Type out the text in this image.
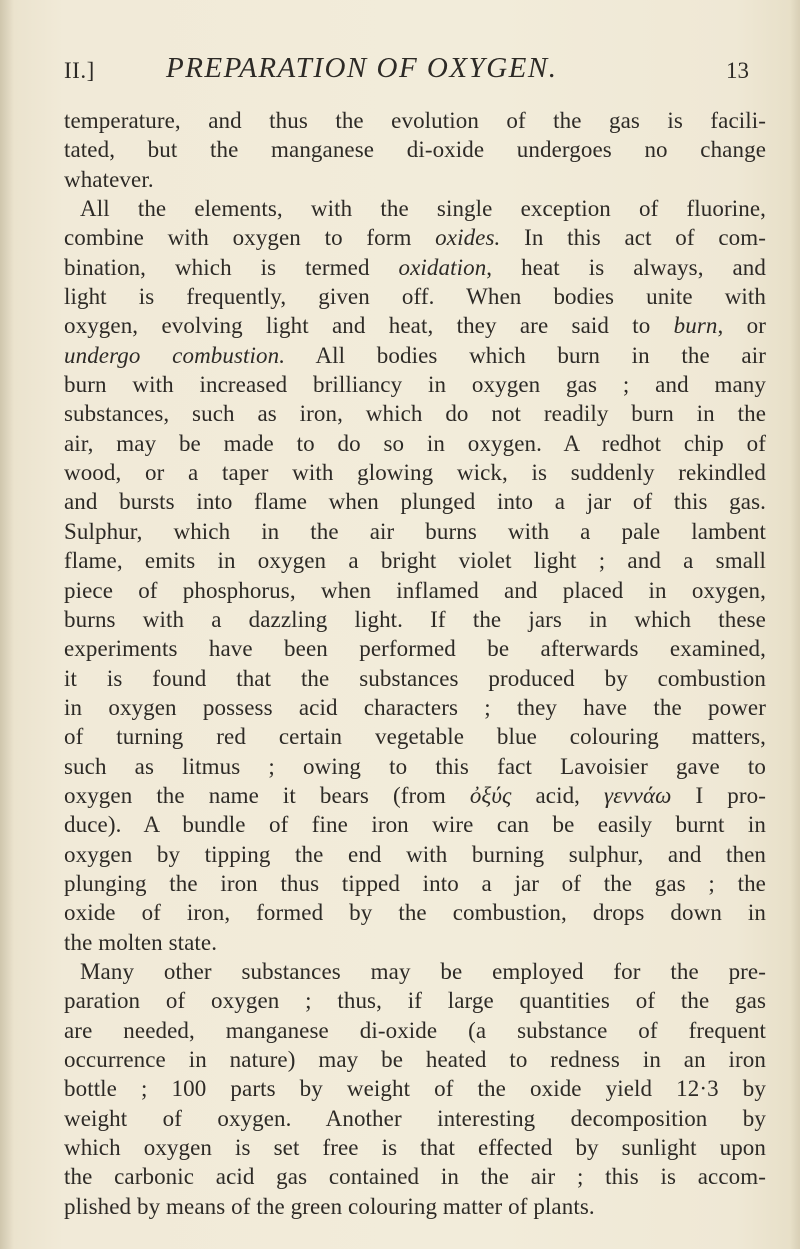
II.] PREPARATION OF OXYGEN.	13
temperature, and thus the evolution of the gas is facili-
tated, but the manganese di-oxide undergoes no change
whatever.
All the elements, with the single exception of fluorine,
combine with oxygen to form oxides. In this act of com-
bination, which is termed oxidation, heat is always, and
light is frequently, given off. When bodies unite with
oxygen, evolving light and heat, they are said to burn, or
undergo combustion. All bodies which burn in the air
burn with increased brilliancy in oxygen gas ; and many
substances, such as iron, which do not readily burn in the
air, may be made to do so in oxygen. A redhot chip of
wood, or a taper with glowing wick, is suddenly rekindled
and bursts into flame when plunged into a jar of this gas.
Sulphur, which in the air burns with a pale lambent
flame, emits in oxygen a bright violet light ; and a small
piece of phosphorus, when inflamed and placed in oxygen,
burns with a dazzling light. If the jars in which these
experiments have been performed be afterwards examined,
it is found that the substances produced by combustion
in oxygen possess acid characters ; they have the power
of turning red certain vegetable blue colouring matters,
such as litmus ; owing to this fact Lavoisier gave to
oxygen the name it bears (from ὀξύς acid, γεννάω I pro-
duce). A bundle of fine iron wire can be easily burnt in
oxygen by tipping the end with burning sulphur, and then
plunging the iron thus tipped into a jar of the gas ; the
oxide of iron, formed by the combustion, drops down in
the molten state.
Many other substances may be employed for the pre-
paration of oxygen ; thus, if large quantities of the gas
are needed, manganese di-oxide (a substance of frequent
occurrence in nature) may be heated to redness in an iron
bottle ; 100 parts by weight of the oxide yield 12·3 by
weight of oxygen. Another interesting decomposition by
which oxygen is set free is that effected by sunlight upon
the carbonic acid gas contained in the air ; this is accom-
plished by means of the green colouring matter of plants.
